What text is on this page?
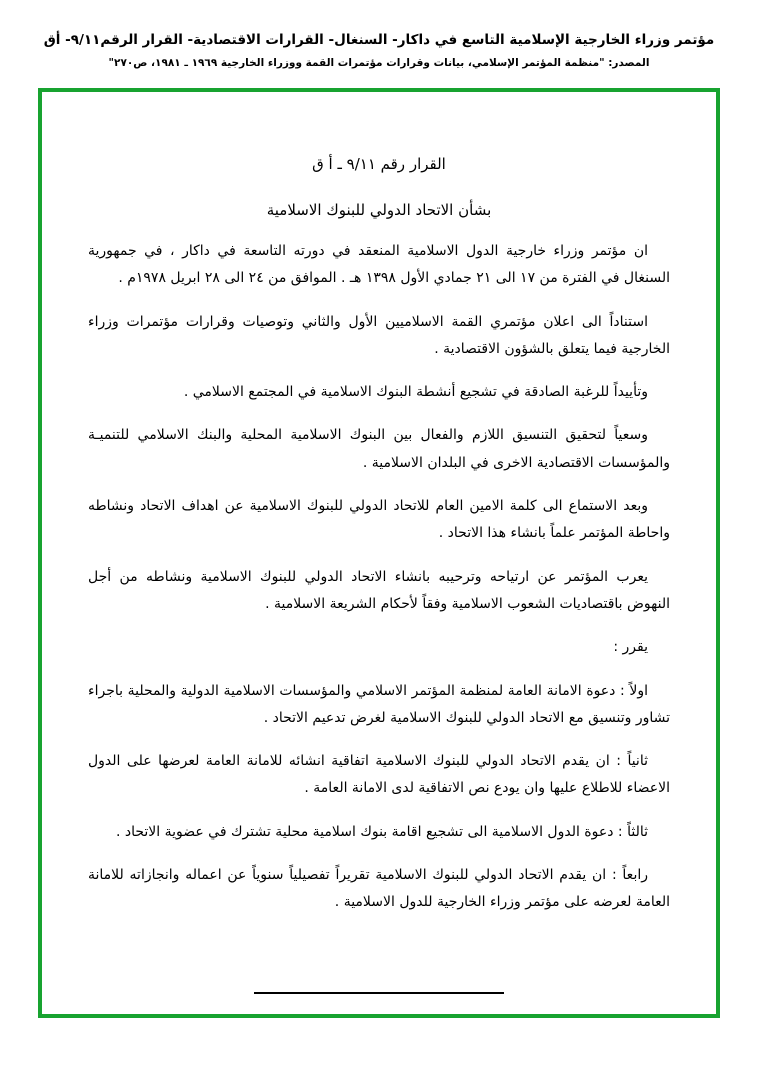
مؤتمر وزراء الخارجية الإسلامية التاسع في داكار- السنغال- القرارات الاقتصادية- القرار الرقم٩/١١- أق
المصدر: "منظمة المؤتمر الإسلامي، بيانات وقرارات مؤتمرات القمة ووزراء الخارجية ١٩٦٩ ـ ١٩٨١، ص٢٧٠"
القرار رقم ٩/١١ ـ أ ق
بشأن الاتحاد الدولي للبنوك الاسلامية

ان مؤتمر وزراء خارجية الدول الاسلامية المنعقد في دورته التاسعة في داكار ، في جمهورية السنغال في الفترة من ١٧ الى ٢١ جمادي الأول ١٣٩٨ هـ . الموافق من ٢٤ الى ٢٨ ابريل ١٩٧٨م .

استناداً الى اعلان مؤتمري القمة الاسلاميين الأول والثاني وتوصيات وقرارات مؤتمرات وزراء الخارجية فيما يتعلق بالشؤون الاقتصادية .

وتأييداً للرغبة الصادقة في تشجيع أنشطة البنوك الاسلامية في المجتمع الاسلامي .

وسعياً لتحقيق التنسيق اللازم والفعال بين البنوك الاسلامية المحلية والبنك الاسلامي للتنميـة والمؤسسات الاقتصادية الاخرى في البلدان الاسلامية .

وبعد الاستماع الى كلمة الامين العام للاتحاد الدولي للبنوك الاسلامية عن اهداف الاتحاد ونشاطه واحاطة المؤتمر علماً بانشاء هذا الاتحاد .

يعرب المؤتمر عن ارتياحه وترحيبه بانشاء الاتحاد الدولي للبنوك الاسلامية ونشاطه من أجل النهوض باقتصاديات الشعوب الاسلامية وفقاً لأحكام الشريعة الاسلامية .

يقرر :

اولاً : دعوة الامانة العامة لمنظمة المؤتمر الاسلامي والمؤسسات الاسلامية الدولية والمحلية باجراء تشاور وتنسيق مع الاتحاد الدولي للبنوك الاسلامية لغرض تدعيم الاتحاد .

ثانياً : ان يقدم الاتحاد الدولي للبنوك الاسلامية اتفاقية انشائه للامانة العامة لعرضها على الدول الاعضاء للاطلاع عليها وان يودع نص الاتفاقية لدى الامانة العامة .

ثالثاً : دعوة الدول الاسلامية الى تشجيع اقامة بنوك اسلامية محلية تشترك في عضوية الاتحاد .

رابعاً : ان يقدم الاتحاد الدولي للبنوك الاسلامية تقريراً تفصيلياً سنوياً عن اعماله وانجازاته للامانة العامة لعرضه على مؤتمر وزراء الخارجية للدول الاسلامية .
